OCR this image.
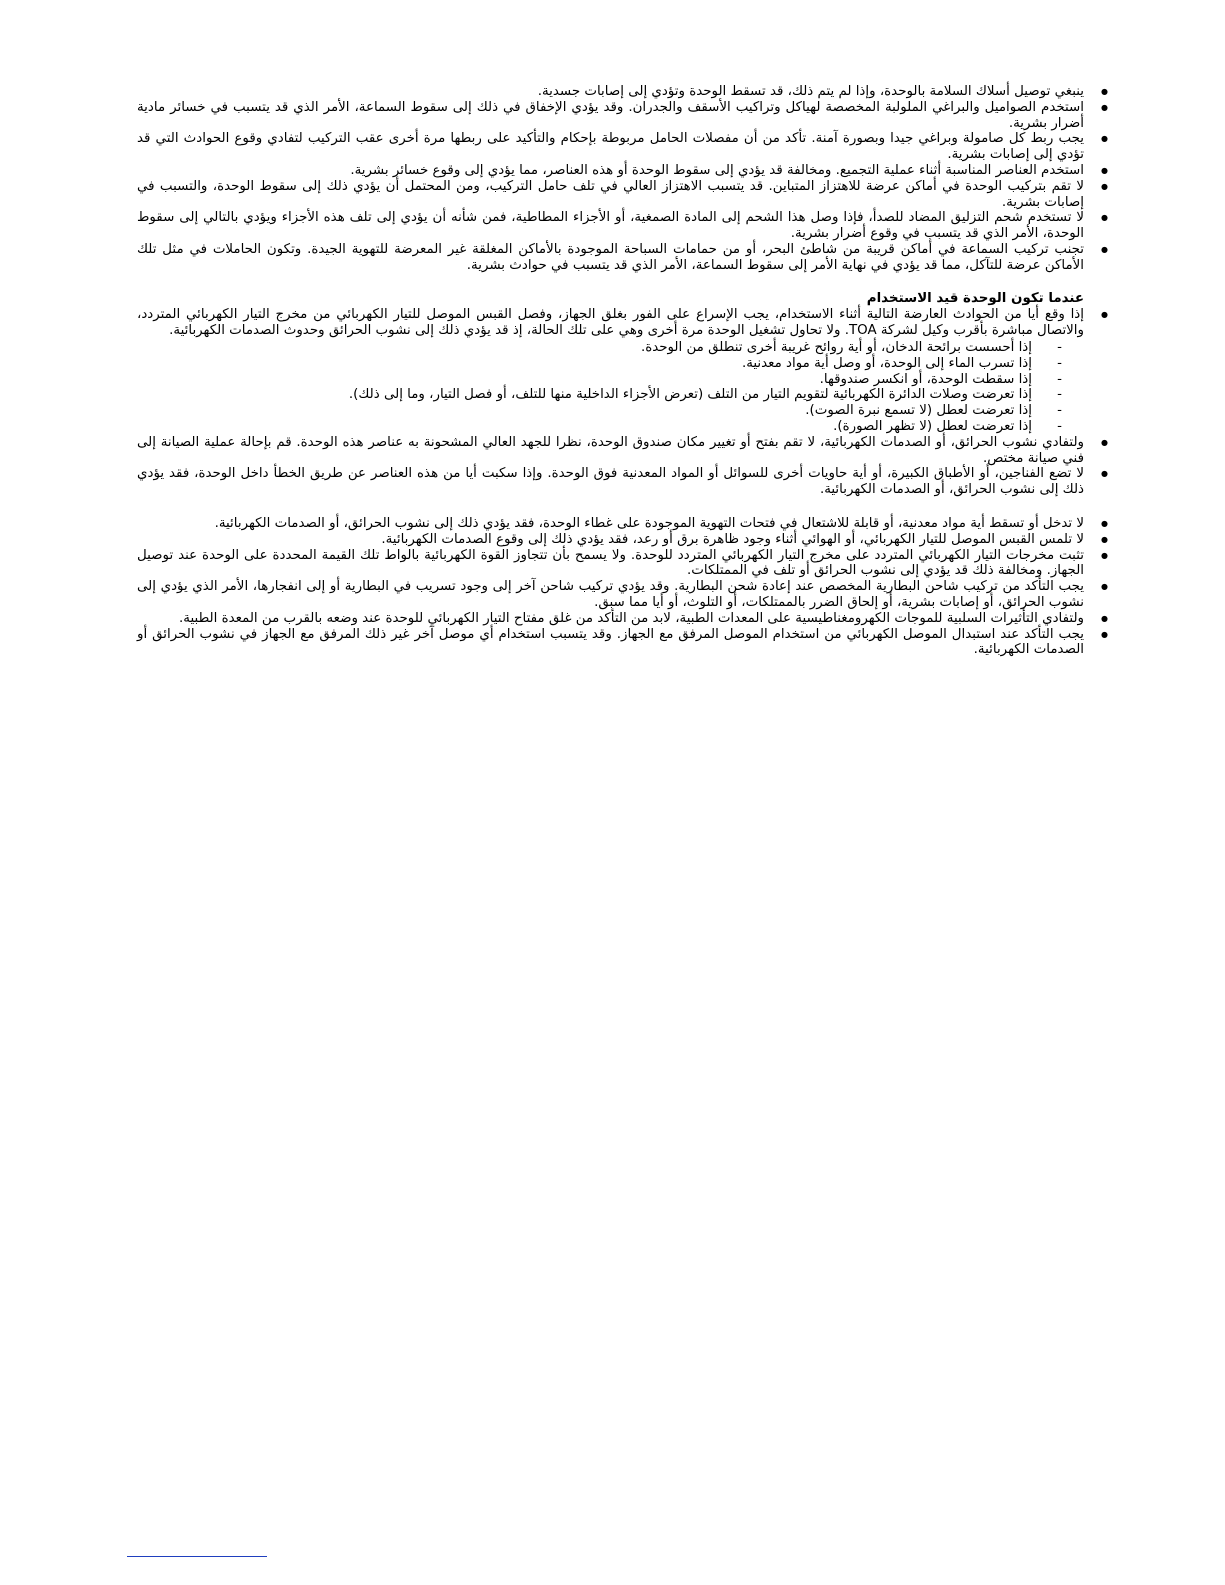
● ينبغي توصيل أسلاك السلامة بالوحدة، وإذا لم يتم ذلك، قد تسقط الوحدة وتؤدي إلى إصابات جسدية.
● استخدم الصواميل والبراغي الملولبة المخصصة لهياكل وتراكيب الأسقف والجدران. وقد يؤدي الإخفاق في ذلك إلى سقوط السماعة، الأمر الذي قد يتسبب في خسائر مادية أضرار بشرية.
● يجب ربط كل صامولة وبراغي جيدا وبصورة آمنة. تأكد من أن مفصلات الحامل مربوطة بإحكام والتأكيد على ربطها مرة أخرى عقب التركيب لتفادي وقوع الحوادث التي قد تؤدي إلى إصابات بشرية.
● استخدم العناصر المناسبة أثناء عملية التجميع. ومخالفة قد يؤدي إلى سقوط الوحدة أو هذه العناصر، مما يؤدي إلى وقوع خسائر بشرية.
● لا تقم بتركيب الوحدة في أماكن عرضة للاهتزاز المتباين. قد يتسبب الاهتزاز العالي في تلف حامل التركيب، ومن المحتمل أن يؤدي ذلك إلى سقوط الوحدة، والتسبب في إصابات بشرية.
● لا تستخدم شحم التزليق المضاد للصدأ، فإذا وصل هذا الشحم إلى المادة الصمغية، أو الأجزاء المطاطية، فمن شأنه أن يؤدي إلى تلف هذه الأجزاء ويؤدي بالتالي إلى سقوط الوحدة، الأمر الذي قد يتسبب في وقوع أضرار بشرية.
● تجنب تركيب السماعة في أماكن قريبة من شاطئ البحر، أو من حمامات السباحة الموجودة بالأماكن المغلقة غير المعرضة للتهوية الجيدة. وتكون الحاملات في مثل تلك الأماكن عرضة للتآكل، مما قد يؤدي في نهاية الأمر إلى سقوط السماعة، الأمر الذي قد يتسبب في حوادث بشرية.
عندما تكون الوحدة قيد الاستخدام
● إذا وقع أيا من الحوادث العارضة التالية أثناء الاستخدام، يجب الإسراع على الفور بغلق الجهاز، وفصل القبس الموصل للتيار الكهربائي من مخرج التيار الكهربائي المتردد، والاتصال مباشرة بأقرب وكيل لشركة TOA. ولا تحاول تشغيل الوحدة مرة أخرى وهي على تلك الحالة، إذ قد يؤدي ذلك إلى نشوب الحرائق وحدوث الصدمات الكهربائية.
- إذا أحسست برائحة الدخان، أو أية روائح غريبة أخرى تنطلق من الوحدة.
- إذا تسرب الماء إلى الوحدة، أو وصل أية مواد معدنية.
- إذا سقطت الوحدة، أو انكسر صندوقها.
- إذا تعرضت وصلات الدائرة الكهربائية لتقويم التيار من التلف (تعرض الأجزاء الداخلية منها للتلف، أو فصل التيار، وما إلى ذلك).
- إذا تعرضت لعطل (لا تسمع نبرة الصوت).
- إذا تعرضت لعطل (لا تظهر الصورة).
● ولتفادي نشوب الحرائق، أو الصدمات الكهربائية، لا تقم بفتح أو تغيير مكان صندوق الوحدة، نظرا للجهد العالي المشحونة به عناصر هذه الوحدة. قم بإحالة عملية الصيانة إلى فني صيانة مختص.
● لا تضع الفناجين، أو الأطباق الكبيرة، أو أية حاويات أخرى للسوائل أو المواد المعدنية فوق الوحدة. وإذا سكبت أيا من هذه العناصر عن طريق الخطأ داخل الوحدة، فقد يؤدي ذلك إلى نشوب الحرائق، أو الصدمات الكهربائية.
● لا تدخل أو تسقط أية مواد معدنية، أو قابلة للاشتعال في فتحات التهوية الموجودة على غطاء الوحدة، فقد يؤدي ذلك إلى نشوب الحرائق، أو الصدمات الكهربائية.
● لا تلمس القبس الموصل للتيار الكهربائي، أو الهوائي أثناء وجود ظاهرة برق أو رعد، فقد يؤدي ذلك إلى وقوع الصدمات الكهربائية.
● تثبت مخرجات التيار الكهربائي المتردد على مخرج التيار الكهربائي المتردد للوحدة. ولا يسمح بأن تتجاوز القوة الكهربائية بالواط تلك القيمة المحددة على الوحدة عند توصيل الجهاز. ومخالفة ذلك قد يؤدي إلى نشوب الحرائق أو تلف في الممتلكات.
● يجب التأكد من تركيب شاحن البطارية المخصص عند إعادة شحن البطارية. وقد يؤدي تركيب شاحن آخر إلى وجود تسريب في البطارية أو إلى انفجارها، الأمر الذي يؤدي إلى نشوب الحرائق، أو إصابات بشرية، أو إلحاق الضرر بالممتلكات، أو التلوث، أو أيا مما سبق.
● ولتفادي التأثيرات السلبية للموجات الكهرومغناطيسية على المعدات الطبية، لابد من التأكد من غلق مفتاح التيار الكهربائي للوحدة عند وضعه بالقرب من المعدة الطبية.
● يجب التأكد عند استبدال الموصل الكهربائي من استخدام الموصل المرفق مع الجهاز. وقد يتسبب استخدام أي موصل آخر غير ذلك المرفق مع الجهاز في نشوب الحرائق أو الصدمات الكهربائية.
